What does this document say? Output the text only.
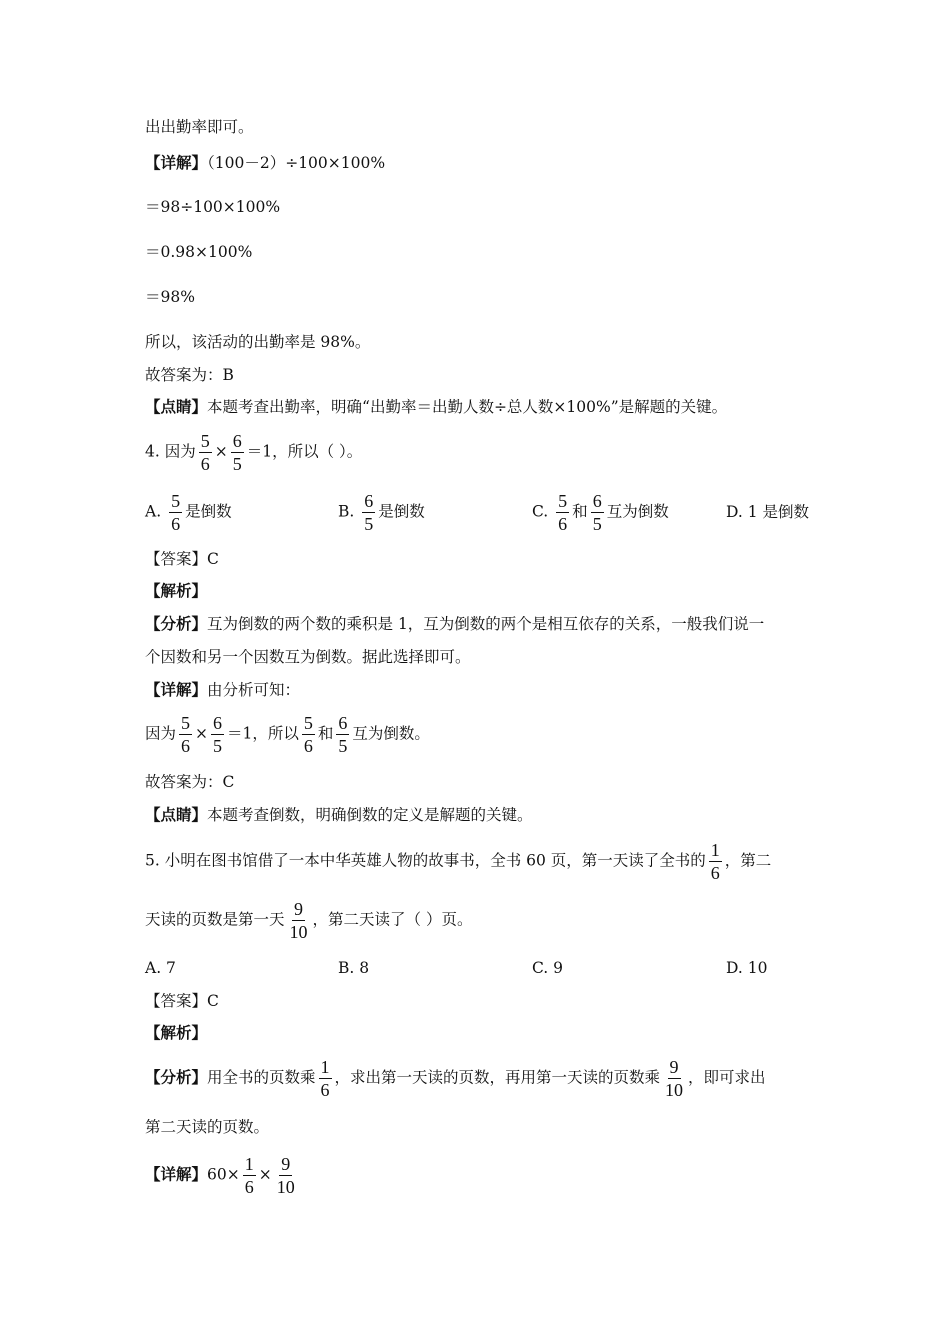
出出勤率即可。
【详解】（100－2）÷100×100%
＝98÷100×100%
＝0.98×100%
＝98%
所以，该活动的出勤率是 98%。
故答案为：B
【点睛】本题考查出勤率，明确“出勤率＝出勤人数÷总人数×100%”是解题的关键。
4. 因为 $\frac{5}{6} \times \frac{6}{5} =1$，所以（ ）。
A. $\frac{5}{6}$ 是倒数	B. $\frac{6}{5}$ 是倒数	C. $\frac{5}{6}$ 和 $\frac{6}{5}$ 互为倒数	D. 1 是倒数
【答案】C
【解析】
【分析】互为倒数的两个数的乘积是 1，互为倒数的两个是相互依存的关系，一般我们说一
个因数和另一个因数互为倒数。据此选择即可。
【详解】由分析可知：
因为 $\frac{5}{6} \times \frac{6}{5} =1$，所以 $\frac{5}{6}$ 和 $\frac{6}{5}$ 互为倒数。
故答案为：C
【点睛】本题考查倒数，明确倒数的定义是解题的关键。
5. 小明在图书馆借了一本中华英雄人物的故事书，全书 60 页，第一天读了全书的 $\frac{1}{6}$ ，第二
天读的页数是第一天 $\frac{9}{10}$ ，第二天读了（ ）页。
A. 7	B. 8	C. 9	D. 10
【答案】C
【解析】
【分析】用全书的页数乘 $\frac{1}{6}$ ，求出第一天读的页数，再用第一天读的页数乘 $\frac{9}{10}$ ，即可求出
第二天读的页数。
【详解】$60\times \frac{1}{6} \times \frac{9}{10}$
